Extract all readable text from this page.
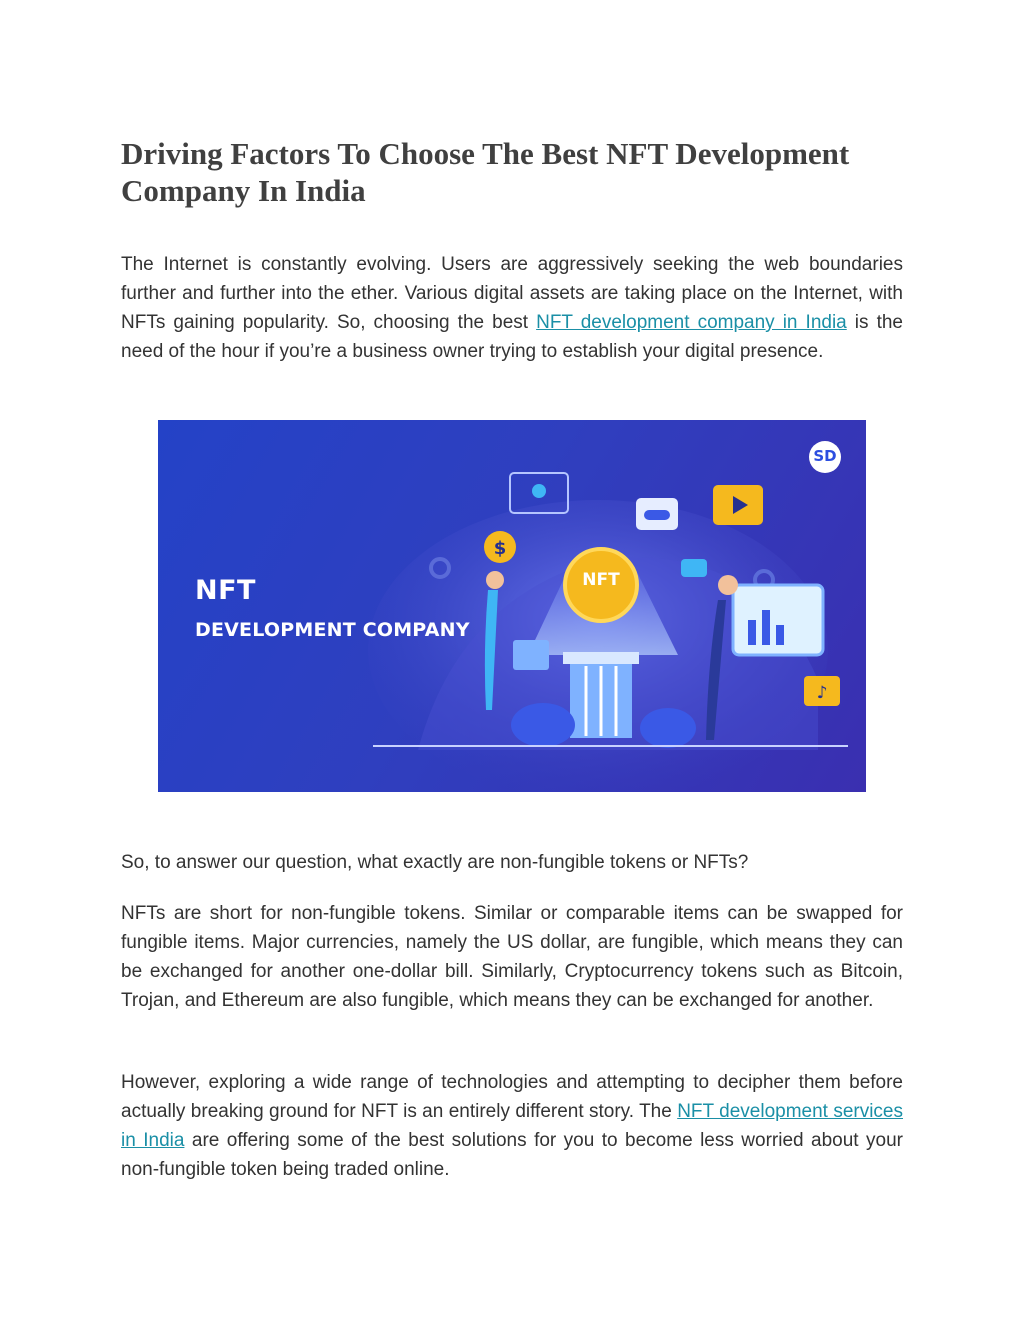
Driving Factors To Choose The Best NFT Development Company In India

The Internet is constantly evolving. Users are aggressively seeking the web boundaries further and further into the ether. Various digital assets are taking place on the Internet, with NFTs gaining popularity. So, choosing the best NFT development company in India is the need of the hour if you’re a business owner trying to establish your digital presence.

So, to answer our question, what exactly are non-fungible tokens or NFTs?

NFTs are short for non-fungible tokens. Similar or comparable items can be swapped for fungible items. Major currencies, namely the US dollar, are fungible, which means they can be exchanged for another one-dollar bill. Similarly, Cryptocurrency tokens such as Bitcoin, Trojan, and Ethereum are also fungible, which means they can be exchanged for another.

However, exploring a wide range of technologies and attempting to decipher them before actually breaking ground for NFT is an entirely different story. The NFT development services in India are offering some of the best solutions for you to become less worried about your non-fungible token being traded online.

$
♪
NFT
DEVELOPMENT COMPANY
NFT
SD
